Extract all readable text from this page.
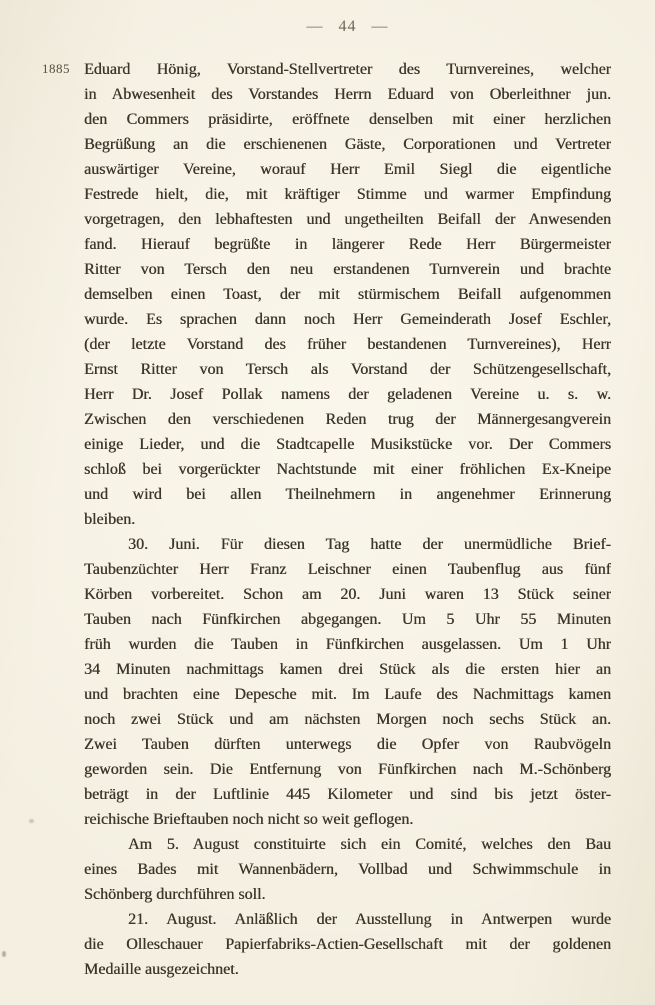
— 44 —
1885 Eduard Hönig, Vorstand-Stellvertreter des Turnvereines, welcher
in Abwesenheit des Vorstandes Herrn Eduard von Oberleithner jun.
den Commers präsidirte, eröffnete denselben mit einer herzlichen
Begrüßung an die erschienenen Gäste, Corporationen und Vertreter
auswärtiger Vereine, worauf Herr Emil Siegl die eigentliche
Festrede hielt, die, mit kräftiger Stimme und warmer Empfindung
vorgetragen, den lebhaftesten und ungetheilten Beifall der Anwesenden
fand. Hierauf begrüßte in längerer Rede Herr Bürgermeister
Ritter von Tersch den neu erstandenen Turnverein und brachte
demselben einen Toast, der mit stürmischem Beifall aufgenommen
wurde. Es sprachen dann noch Herr Gemeinderath Josef Eschler,
(der letzte Vorstand des früher bestandenen Turnvereines), Herr
Ernst Ritter von Tersch als Vorstand der Schützengesellschaft,
Herr Dr. Josef Pollak namens der geladenen Vereine u. s. w.
Zwischen den verschiedenen Reden trug der Männergesangverein
einige Lieder, und die Stadtcapelle Musikstücke vor. Der Commers
schloß bei vorgerückter Nachtstunde mit einer fröhlichen Ex-Kneipe
und wird bei allen Theilnehmern in angenehmer Erinnerung
bleiben.
30. Juni. Für diesen Tag hatte der unermüdliche Brief-
Taubenzüchter Herr Franz Leischner einen Taubenflug aus fünf
Körben vorbereitet. Schon am 20. Juni waren 13 Stück seiner
Tauben nach Fünfkirchen abgegangen. Um 5 Uhr 55 Minuten
früh wurden die Tauben in Fünfkirchen ausgelassen. Um 1 Uhr
34 Minuten nachmittags kamen drei Stück als die ersten hier an
und brachten eine Depesche mit. Im Laufe des Nachmittags kamen
noch zwei Stück und am nächsten Morgen noch sechs Stück an.
Zwei Tauben dürften unterwegs die Opfer von Raubvögeln
geworden sein. Die Entfernung von Fünfkirchen nach M.-Schönberg
beträgt in der Luftlinie 445 Kilometer und sind bis jetzt öster-
reichische Brieftauben noch nicht so weit geflogen.
Am 5. August constituirte sich ein Comité, welches den Bau
eines Bades mit Wannenbädern, Vollbad und Schwimmschule in
Schönberg durchführen soll.
21. August. Anläßlich der Ausstellung in Antwerpen wurde
die Olleschauer Papierfabriks-Actien-Gesellschaft mit der goldenen
Medaille ausgezeichnet.
